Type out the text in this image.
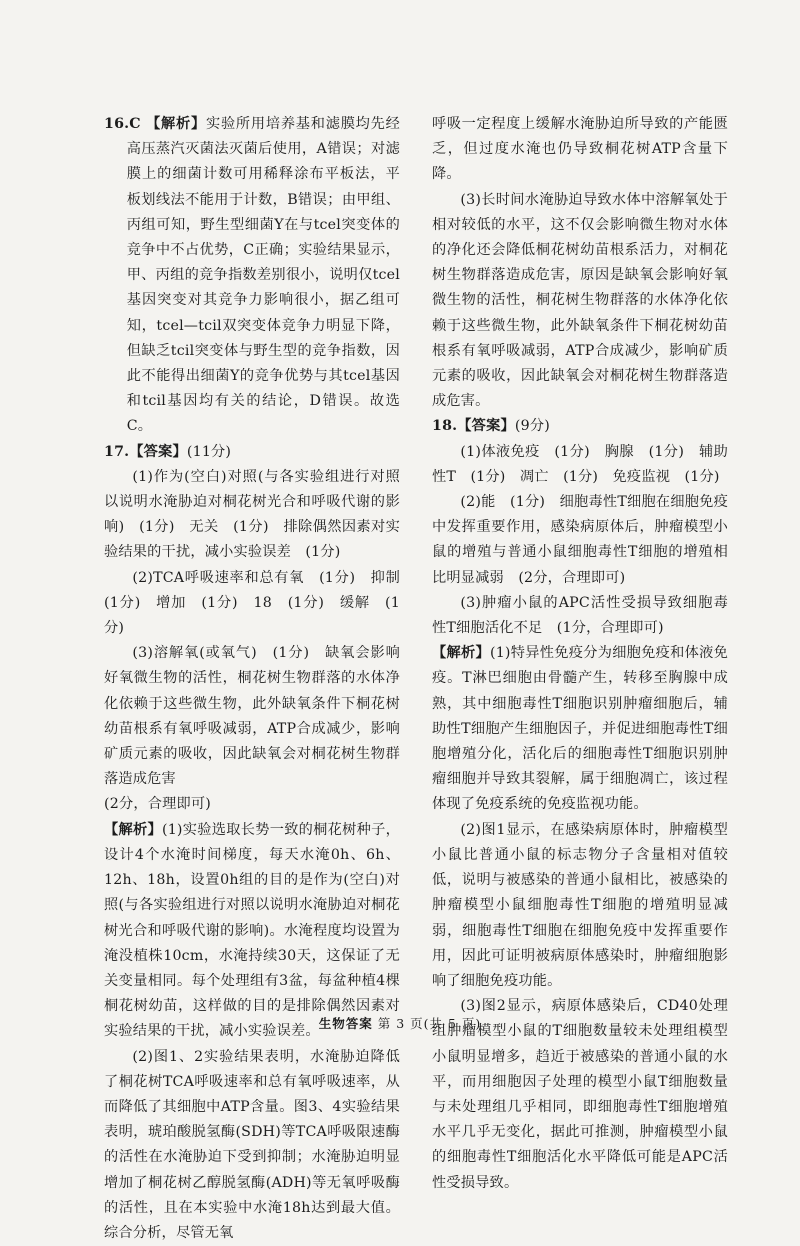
16.C 【解析】实验所用培养基和滤膜均先经高压蒸汽灭菌法灭菌后使用，A错误；对滤膜上的细菌计数可用稀释涂布平板法，平板划线法不能用于计数，B错误；由甲组、丙组可知，野生型细菌Y在与tcel突变体的竞争中不占优势，C正确；实验结果显示，甲、丙组的竞争指数差别很小，说明仅tcel基因突变对其竞争力影响很小，据乙组可知，tcel—tcil双突变体竞争力明显下降，但缺乏tcil突变体与野生型的竞争指数，因此不能得出细菌Y的竞争优势与其tcel基因和tcil基因均有关的结论，D错误。故选C。

17.【答案】(11分)

(1)作为(空白)对照(与各实验组进行对照以说明水淹胁迫对桐花树光合和呼吸代谢的影响)　(1分)　无关　(1分)　排除偶然因素对实验结果的干扰，减小实验误差　(1分)

(2)TCA呼吸速率和总有氧　(1分)　抑制　(1分)　增加　(1分)　18　(1分)　缓解　(1分)

(3)溶解氧(或氧气)　(1分)　缺氧会影响好氧微生物的活性，桐花树生物群落的水体净化依赖于这些微生物，此外缺氧条件下桐花树幼苗根系有氧呼吸减弱，ATP合成减少，影响矿质元素的吸收，因此缺氧会对桐花树生物群落造成危害

(2分，合理即可)

【解析】(1)实验选取长势一致的桐花树种子，设计4个水淹时间梯度，每天水淹0h、6h、12h、18h，设置0h组的目的是作为(空白)对照(与各实验组进行对照以说明水淹胁迫对桐花树光合和呼吸代谢的影响)。水淹程度均设置为淹没植株10cm，水淹持续30天，这保证了无关变量相同。每个处理组有3盆，每盆种植4棵桐花树幼苗，这样做的目的是排除偶然因素对实验结果的干扰，减小实验误差。

(2)图1、2实验结果表明，水淹胁迫降低了桐花树TCA呼吸速率和总有氧呼吸速率，从而降低了其细胞中ATP含量。图3、4实验结果表明，琥珀酸脱氢酶(SDH)等TCA呼吸限速酶的活性在水淹胁迫下受到抑制；水淹胁迫明显增加了桐花树乙醇脱氢酶(ADH)等无氧呼吸酶的活性，且在本实验中水淹18h达到最大值。综合分析，尽管无氧

呼吸一定程度上缓解水淹胁迫所导致的产能匮乏，但过度水淹也仍导致桐花树ATP含量下降。

(3)长时间水淹胁迫导致水体中溶解氧处于相对较低的水平，这不仅会影响微生物对水体的净化还会降低桐花树幼苗根系活力，对桐花树生物群落造成危害，原因是缺氧会影响好氧微生物的活性，桐花树生物群落的水体净化依赖于这些微生物，此外缺氧条件下桐花树幼苗根系有氧呼吸减弱，ATP合成减少，影响矿质元素的吸收，因此缺氧会对桐花树生物群落造成危害。

18.【答案】(9分)

(1)体液免疫　(1分)　胸腺　(1分)　辅助性T　(1分)　凋亡　(1分)　免疫监视　(1分)

(2)能　(1分)　细胞毒性T细胞在细胞免疫中发挥重要作用，感染病原体后，肿瘤模型小鼠的增殖与普通小鼠细胞毒性T细胞的增殖相比明显减弱　(2分，合理即可)

(3)肿瘤小鼠的APC活性受损导致细胞毒性T细胞活化不足　(1分，合理即可)

【解析】(1)特异性免疫分为细胞免疫和体液免疫。T淋巴细胞由骨髓产生，转移至胸腺中成熟，其中细胞毒性T细胞识别肿瘤细胞后，辅助性T细胞产生细胞因子，并促进细胞毒性T细胞增殖分化，活化后的细胞毒性T细胞识别肿瘤细胞并导致其裂解，属于细胞凋亡，该过程体现了免疫系统的免疫监视功能。

(2)图1显示，在感染病原体时，肿瘤模型小鼠比普通小鼠的标志物分子含量相对值较低，说明与被感染的普通小鼠相比，被感染的肿瘤模型小鼠细胞毒性T细胞的增殖明显减弱，细胞毒性T细胞在细胞免疫中发挥重要作用，因此可证明被病原体感染时，肿瘤细胞影响了细胞免疫功能。

(3)图2显示，病原体感染后，CD40处理组肿瘤模型小鼠的T细胞数量较未处理组模型小鼠明显增多，趋近于被感染的普通小鼠的水平，而用细胞因子处理的模型小鼠T细胞数量与未处理组几乎相同，即细胞毒性T细胞增殖水平几乎无变化，据此可推测，肿瘤模型小鼠的细胞毒性T细胞活化水平降低可能是APC活性受损导致。

生物答案 第 3 页(共 5 页)
